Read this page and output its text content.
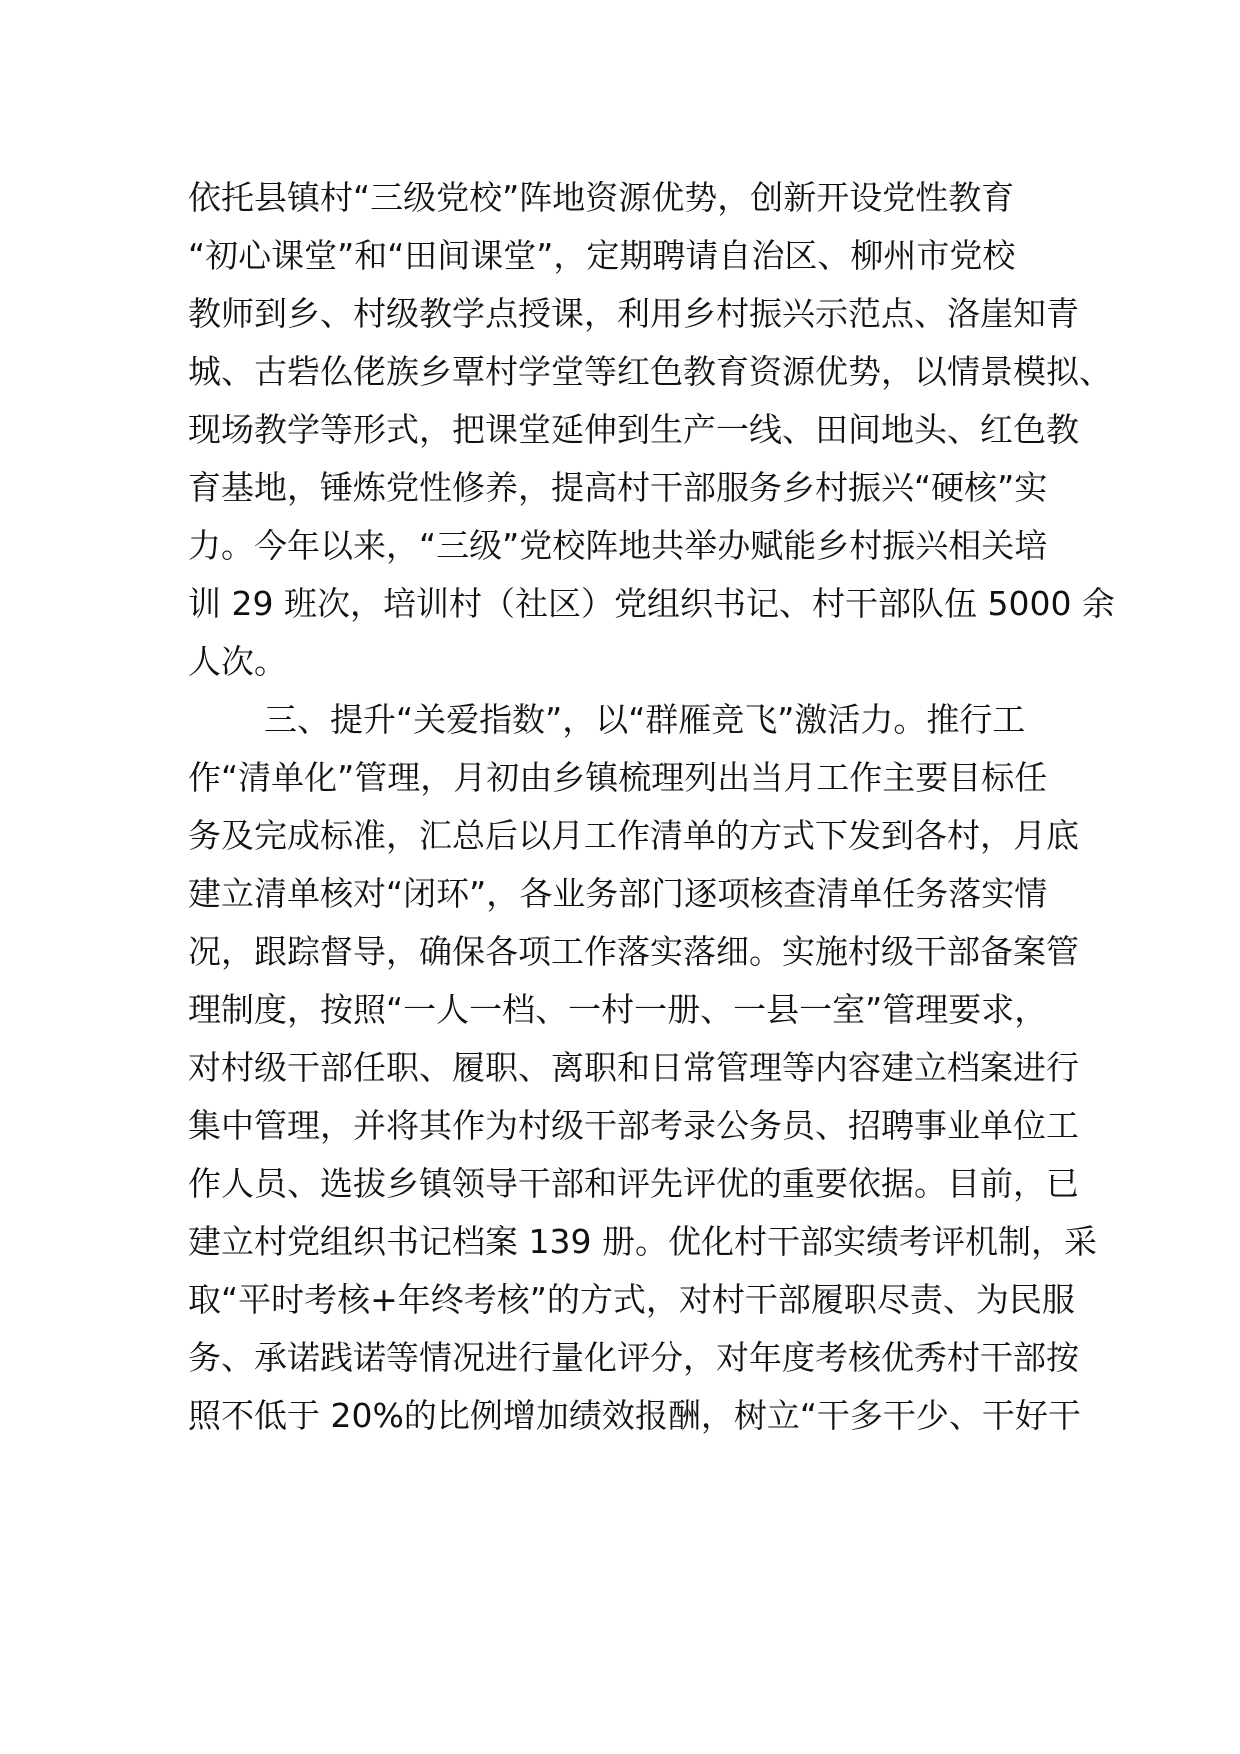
依托县镇村“三级党校”阵地资源优势，创新开设党性教育
“初心课堂”和“田间课堂”，定期聘请自治区、柳州市党校
教师到乡、村级教学点授课，利用乡村振兴示范点、洛崖知青
城、古砦仫佬族乡覃村学堂等红色教育资源优势，以情景模拟、
现场教学等形式，把课堂延伸到生产一线、田间地头、红色教
育基地，锤炼党性修养，提高村干部服务乡村振兴“硬核”实
力。今年以来，“三级”党校阵地共举办赋能乡村振兴相关培
训 29 班次，培训村（社区）党组织书记、村干部队伍 5000 余
人次。
三、提升“关爱指数”，以“群雁竞飞”激活力。推行工
作“清单化”管理，月初由乡镇梳理列出当月工作主要目标任
务及完成标准，汇总后以月工作清单的方式下发到各村，月底
建立清单核对“闭环”，各业务部门逐项核查清单任务落实情
况，跟踪督导，确保各项工作落实落细。实施村级干部备案管
理制度，按照“一人一档、一村一册、一县一室”管理要求，
对村级干部任职、履职、离职和日常管理等内容建立档案进行
集中管理，并将其作为村级干部考录公务员、招聘事业单位工
作人员、选拔乡镇领导干部和评先评优的重要依据。目前，已
建立村党组织书记档案 139 册。优化村干部实绩考评机制，采
取“平时考核+年终考核”的方式，对村干部履职尽责、为民服
务、承诺践诺等情况进行量化评分，对年度考核优秀村干部按
照不低于 20%的比例增加绩效报酬，树立“干多干少、干好干
